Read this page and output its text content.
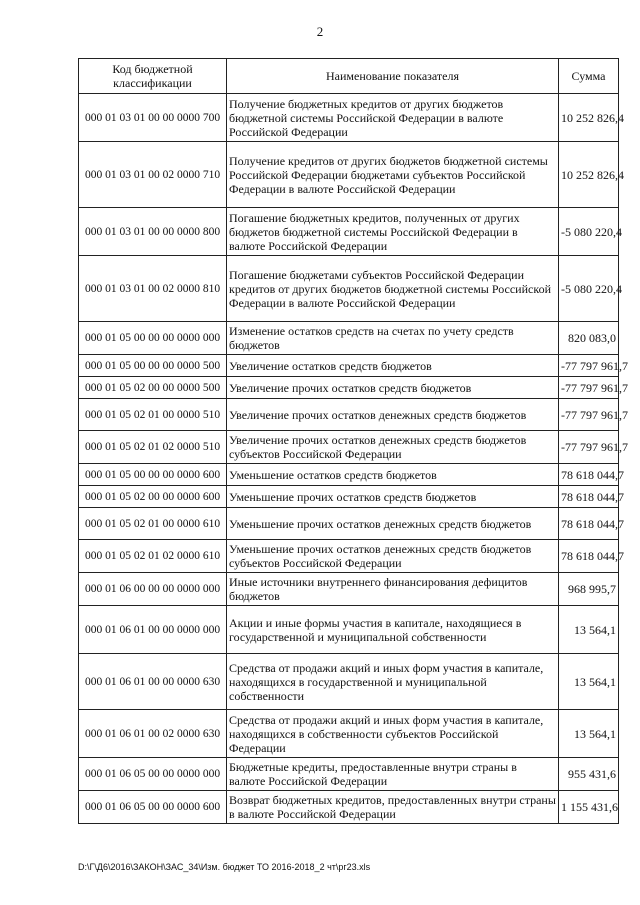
2
Код бюджетной классификации	Наименование показателя	Сумма
000 01 03 01 00 00 0000 700	Получение бюджетных кредитов от других бюджетов бюджетной системы Российской Федерации в валюте Российской Федерации	10 252 826,4
000 01 03 01 00 02 0000 710	Получение кредитов от других бюджетов бюджетной системы Российской Федерации бюджетами субъектов Российской Федерации в валюте Российской Федерации	10 252 826,4
000 01 03 01 00 00 0000 800	Погашение бюджетных кредитов, полученных от других бюджетов бюджетной системы Российской Федерации в валюте Российской Федерации	-5 080 220,4
000 01 03 01 00 02 0000 810	Погашение бюджетами субъектов Российской Федерации кредитов от других бюджетов бюджетной системы Российской Федерации в валюте Российской Федерации	-5 080 220,4
000 01 05 00 00 00 0000 000	Изменение остатков средств на счетах по учету средств бюджетов	820 083,0
000 01 05 00 00 00 0000 500	Увеличение остатков средств бюджетов	-77 797 961,7
000 01 05 02 00 00 0000 500	Увеличение прочих остатков средств бюджетов	-77 797 961,7
000 01 05 02 01 00 0000 510	Увеличение прочих остатков денежных средств бюджетов	-77 797 961,7
000 01 05 02 01 02 0000 510	Увеличение прочих остатков денежных средств бюджетов субъектов Российской Федерации	-77 797 961,7
000 01 05 00 00 00 0000 600	Уменьшение остатков средств бюджетов	78 618 044,7
000 01 05 02 00 00 0000 600	Уменьшение прочих остатков средств бюджетов	78 618 044,7
000 01 05 02 01 00 0000 610	Уменьшение прочих остатков денежных средств бюджетов	78 618 044,7
000 01 05 02 01 02 0000 610	Уменьшение прочих остатков денежных средств бюджетов субъектов Российской Федерации	78 618 044,7
000 01 06 00 00 00 0000 000	Иные источники внутреннего финансирования дефицитов бюджетов	968 995,7
000 01 06 01 00 00 0000 000	Акции и иные формы участия в капитале, находящиеся в государственной и муниципальной собственности	13 564,1
000 01 06 01 00 00 0000 630	Средства от продажи акций и иных форм участия в капитале, находящихся в государственной и муниципальной собственности	13 564,1
000 01 06 01 00 02 0000 630	Средства от продажи акций и иных форм участия в капитале, находящихся в собственности субъектов Российской Федерации	13 564,1
000 01 06 05 00 00 0000 000	Бюджетные кредиты, предоставленные внутри страны в валюте Российской Федерации	955 431,6
000 01 06 05 00 00 0000 600	Возврат бюджетных кредитов, предоставленных внутри страны в валюте Российской Федерации	1 155 431,6
D:\Г\Д6\2016\ЗАКОН\ЗАС_34\Изм. бюджет ТО 2016-2018_2 чт\рг23.xls
